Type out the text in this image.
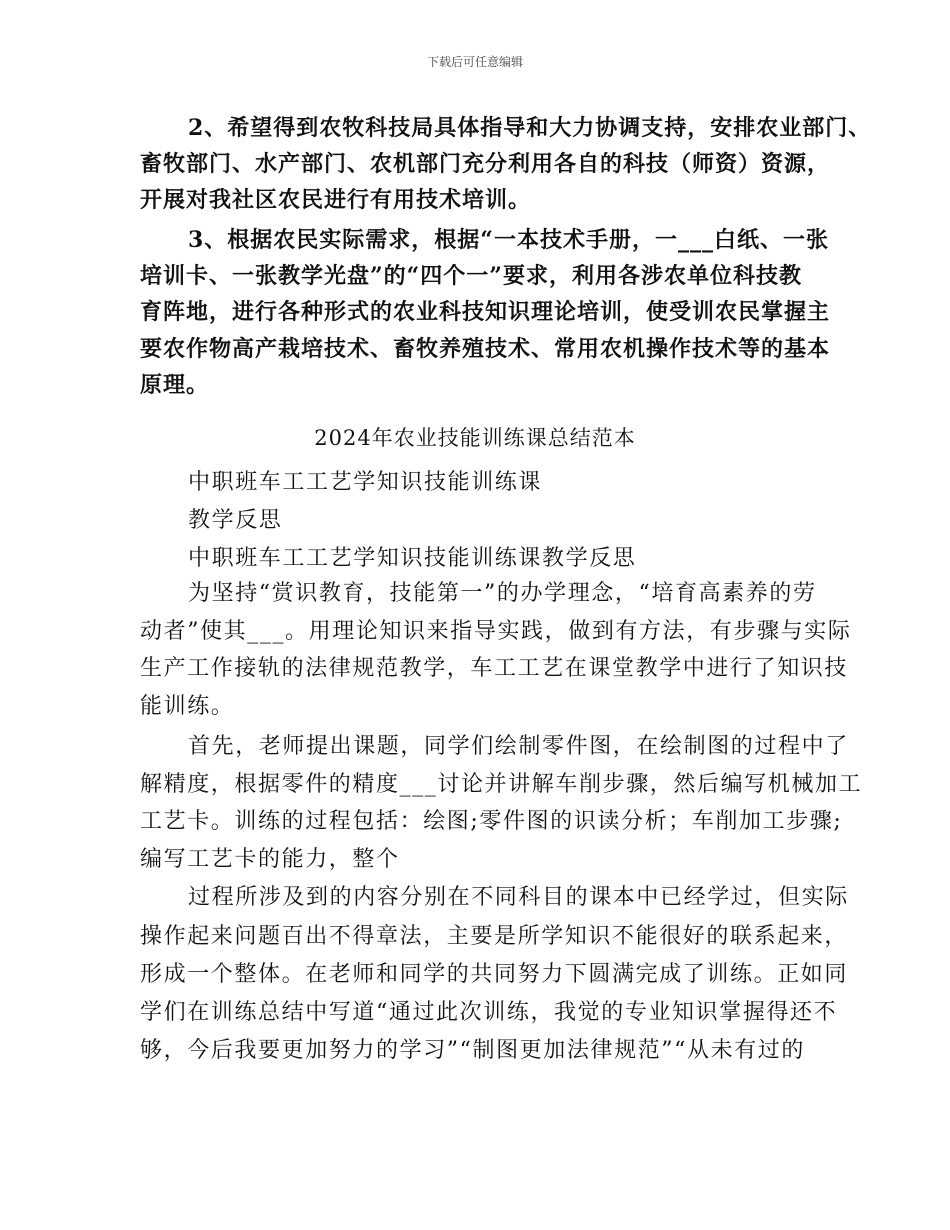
下载后可任意编辑
2、希望得到农牧科技局具体指导和大力协调支持，安排农业部门、
畜牧部门、水产部门、农机部门充分利用各自的科技（师资）资源，
开展对我社区农民进行有用技术培训。
3、根据农民实际需求，根据“一本技术手册，一___白纸、一张
培训卡、一张教学光盘”的“四个一”要求，利用各涉农单位科技教
育阵地，进行各种形式的农业科技知识理论培训，使受训农民掌握主
要农作物高产栽培技术、畜牧养殖技术、常用农机操作技术等的基本
原理。
2024年农业技能训练课总结范本
中职班车工工艺学知识技能训练课
教学反思
中职班车工工艺学知识技能训练课教学反思
为坚持“赏识教育，技能第一”的办学理念，“培育高素养的劳
动者”使其___。用理论知识来指导实践，做到有方法，有步骤与实际
生产工作接轨的法律规范教学，车工工艺在课堂教学中进行了知识技
能训练。
首先，老师提出课题，同学们绘制零件图，在绘制图的过程中了
解精度，根据零件的精度___讨论并讲解车削步骤，然后编写机械加工
工艺卡。训练的过程包括：绘图;零件图的识读分析；车削加工步骤;
编写工艺卡的能力，整个
过程所涉及到的内容分别在不同科目的课本中已经学过，但实际
操作起来问题百出不得章法，主要是所学知识不能很好的联系起来，
形成一个整体。在老师和同学的共同努力下圆满完成了训练。正如同
学们在训练总结中写道“通过此次训练，我觉的专业知识掌握得还不
够，今后我要更加努力的学习”“制图更加法律规范”“从未有过的
